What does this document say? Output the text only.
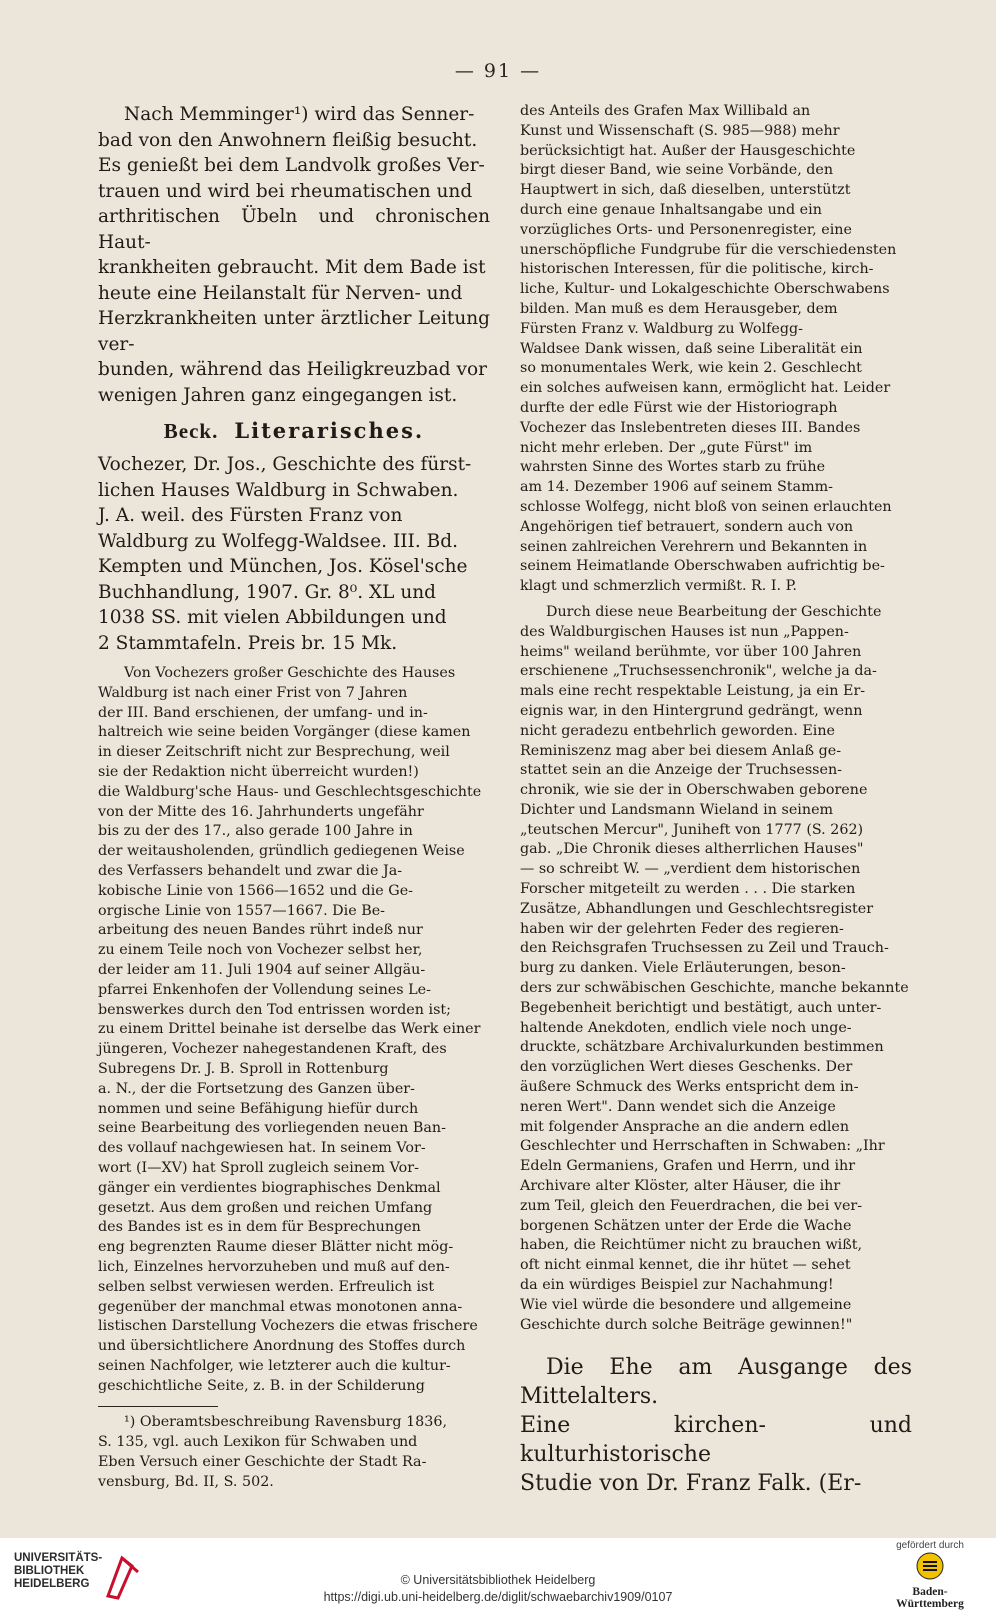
— 91 —
Nach Memminger¹) wird das Senner-
bad von den Anwohnern fleißig besucht.
Es genießt bei dem Landvolk großes Ver-
trauen und wird bei rheumatischen und
arthritischen Übeln und chronischen Haut-
krankheiten gebraucht. Mit dem Bade ist
heute eine Heilanstalt für Nerven- und
Herzkrankheiten unter ärztlicher Leitung ver-
bunden, während das Heiligkreuzbad vor
wenigen Jahren ganz eingegangen ist.
Beck. Literarisches.
Vochezer, Dr. Jos., Geschichte des fürst-
lichen Hauses Waldburg in Schwaben.
J. A. weil. des Fürsten Franz von
Waldburg zu Wolfegg-Waldsee. III. Bd.
Kempten und München, Jos. Kösel'sche
Buchhandlung, 1907. Gr. 8⁰. XL und
1038 SS. mit vielen Abbildungen und
2 Stammtafeln. Preis br. 15 Mk.
Von Vochezers großer Geschichte des Hauses
Waldburg ist nach einer Frist von 7 Jahren
der III. Band erschienen, der umfang- und in-
haltreich wie seine beiden Vorgänger (diese kamen
in dieser Zeitschrift nicht zur Besprechung, weil
sie der Redaktion nicht überreicht wurden!)
die Waldburg'sche Haus- und Geschlechtsgeschichte
von der Mitte des 16. Jahrhunderts ungefähr
bis zu der des 17., also gerade 100 Jahre in
der weitausholenden, gründlich gediegenen Weise
des Verfassers behandelt und zwar die Ja-
kobische Linie von 1566—1652 und die Ge-
orgische Linie von 1557—1667. Die Be-
arbeitung des neuen Bandes rührt indeß nur
zu einem Teile noch von Vochezer selbst her,
der leider am 11. Juli 1904 auf seiner Allgäu-
pfarrei Enkenhofen der Vollendung seines Le-
benswerkes durch den Tod entrissen worden ist;
zu einem Drittel beinahe ist derselbe das Werk einer
jüngeren, Vochezer nahegestandenen Kraft, des
Subregens Dr. J. B. Sproll in Rottenburg
a. N., der die Fortsetzung des Ganzen über-
nommen und seine Befähigung hiefür durch
seine Bearbeitung des vorliegenden neuen Ban-
des vollauf nachgewiesen hat. In seinem Vor-
wort (I—XV) hat Sproll zugleich seinem Vor-
gänger ein verdientes biographisches Denkmal
gesetzt. Aus dem großen und reichen Umfang
des Bandes ist es in dem für Besprechungen
eng begrenzten Raume dieser Blätter nicht mög-
lich, Einzelnes hervorzuheben und muß auf den-
selben selbst verwiesen werden. Erfreulich ist
gegenüber der manchmal etwas monotonen anna-
listischen Darstellung Vochezers die etwas frischere
und übersichtlichere Anordnung des Stoffes durch
seinen Nachfolger, wie letzterer auch die kultur-
geschichtliche Seite, z. B. in der Schilderung
¹) Oberamtsbeschreibung Ravensburg 1836,
S. 135, vgl. auch Lexikon für Schwaben und
Eben Versuch einer Geschichte der Stadt Ra-
vensburg, Bd. II, S. 502.
des Anteils des Grafen Max Willibald an
Kunst und Wissenschaft (S. 985—988) mehr
berücksichtigt hat. Außer der Hausgeschichte
birgt dieser Band, wie seine Vorbände, den
Hauptwert in sich, daß dieselben, unterstützt
durch eine genaue Inhaltsangabe und ein
vorzügliches Orts- und Personenregister, eine
unerschöpfliche Fundgrube für die verschiedensten
historischen Interessen, für die politische, kirch-
liche, Kultur- und Lokalgeschichte Oberschwabens
bilden. Man muß es dem Herausgeber, dem
Fürsten Franz v. Waldburg zu Wolfegg-
Waldsee Dank wissen, daß seine Liberalität ein
so monumentales Werk, wie kein 2. Geschlecht
ein solches aufweisen kann, ermöglicht hat. Leider
durfte der edle Fürst wie der Historiograph
Vochezer das Inslebentreten dieses III. Bandes
nicht mehr erleben. Der „gute Fürst" im
wahrsten Sinne des Wortes starb zu frühe
am 14. Dezember 1906 auf seinem Stamm-
schlosse Wolfegg, nicht bloß von seinen erlauchten
Angehörigen tief betrauert, sondern auch von
seinen zahlreichen Verehrern und Bekannten in
seinem Heimatlande Oberschwaben aufrichtig be-
klagt und schmerzlich vermißt. R. I. P.
Durch diese neue Bearbeitung der Geschichte
des Waldburgischen Hauses ist nun „Pappen-
heims" weiland berühmte, vor über 100 Jahren
erschienene „Truchsessenchronik", welche ja da-
mals eine recht respektable Leistung, ja ein Er-
eignis war, in den Hintergrund gedrängt, wenn
nicht geradezu entbehrlich geworden. Eine
Reminiszenz mag aber bei diesem Anlaß ge-
stattet sein an die Anzeige der Truchsessen-
chronik, wie sie der in Oberschwaben geborene
Dichter und Landsmann Wieland in seinem
„teutschen Mercur", Juniheft von 1777 (S. 262)
gab. „Die Chronik dieses altherrlichen Hauses"
— so schreibt W. — „verdient dem historischen
Forscher mitgeteilt zu werden . . . Die starken
Zusätze, Abhandlungen und Geschlechtsregister
haben wir der gelehrten Feder des regieren-
den Reichsgrafen Truchsessen zu Zeil und Trauch-
burg zu danken. Viele Erläuterungen, beson-
ders zur schwäbischen Geschichte, manche bekannte
Begebenheit berichtigt und bestätigt, auch unter-
haltende Anekdoten, endlich viele noch unge-
druckte, schätzbare Archivalurkunden bestimmen
den vorzüglichen Wert dieses Geschenks. Der
äußere Schmuck des Werks entspricht dem in-
neren Wert". Dann wendet sich die Anzeige
mit folgender Ansprache an die andern edlen
Geschlechter und Herrschaften in Schwaben: „Ihr
Edeln Germaniens, Grafen und Herrn, und ihr
Archivare alter Klöster, alter Häuser, die ihr
zum Teil, gleich den Feuerdrachen, die bei ver-
borgenen Schätzen unter der Erde die Wache
haben, die Reichtümer nicht zu brauchen wißt,
oft nicht einmal kennet, die ihr hütet — sehet
da ein würdiges Beispiel zur Nachahmung!
Wie viel würde die besondere und allgemeine
Geschichte durch solche Beiträge gewinnen!"
Die Ehe am Ausgange des Mittelalters.
Eine kirchen- und kulturhistorische
Studie von Dr. Franz Falk. (Er-
UNIVERSITÄTS-
BIBLIOTHEK
HEIDELBERG	© Universitätsbibliothek Heidelberg
https://digi.ub.uni-heidelberg.de/diglit/schwaebarchiv1909/0107
gefördert durch
Baden-Württemberg
